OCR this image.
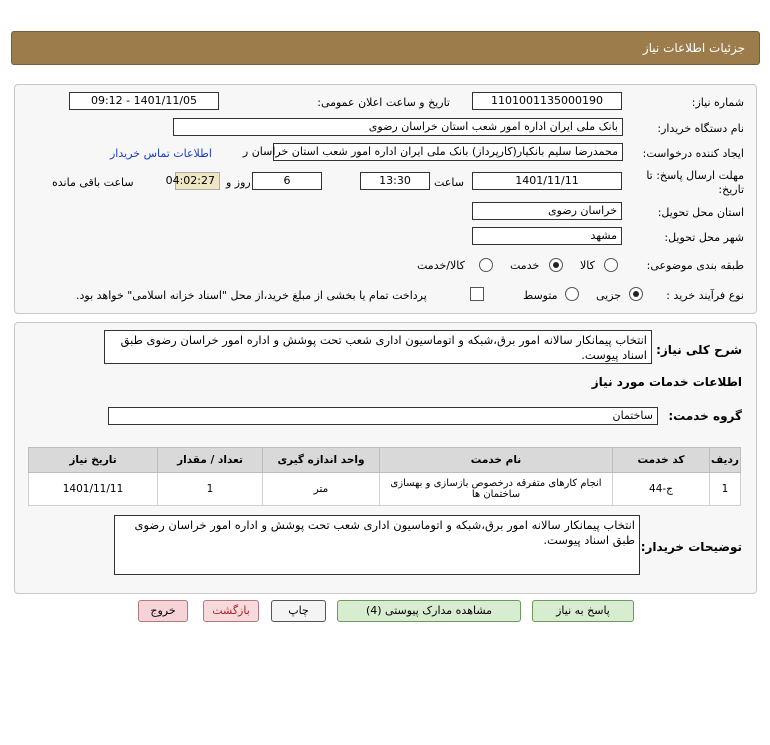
جزئیات اطلاعات نیاز
شماره نیاز:
1101001135000190
تاریخ و ساعت اعلان عمومی:
1401/11/05 - 09:12
نام دستگاه خریدار:
بانک ملی ایران اداره امور شعب استان خراسان رضوی
ایجاد کننده درخواست:
محمدرضا سلیم بانکیار(کارپرداز) بانک ملی ایران اداره امور شعب استان خراسان ر
اطلاعات تماس خریدار
مهلت ارسال پاسخ: تا
تاریخ:
1401/11/11
ساعت
13:30
6
روز و
04:02:27
ساعت باقی مانده
استان محل تحویل:
خراسان رضوی
شهر محل تحویل:
مشهد
طبقه بندی موضوعی:
کالا
خدمت
کالا/خدمت
نوع فرآیند خرید :
جزیی
متوسط
پرداخت تمام یا بخشی از مبلغ خرید،از محل "اسناد خزانه اسلامی" خواهد بود.
شرح کلی نیاز:
انتخاب پیمانکار سالانه امور برق،شبکه و اتوماسیون اداری شعب تحت پوشش و اداره امور خراسان رضوی طبق اسناد پیوست.
اطلاعات خدمات مورد نیاز
گروه خدمت:
ساختمان
ردیف	کد خدمت	نام خدمت	واحد اندازه گیری	تعداد / مقدار	تاریخ نیاز
1	ج-44	انجام کارهای متفرقه درخصوص بازسازی و بهسازی ساختمان ها	متر	1	1401/11/11
توضیحات خریدار:
انتخاب پیمانکار سالانه امور برق،شبکه و اتوماسیون اداری شعب تحت پوشش و اداره امور خراسان رضوی طبق اسناد پیوست.
پاسخ به نیاز
مشاهده مدارک پیوستی (4)
چاپ
بازگشت
خروج
